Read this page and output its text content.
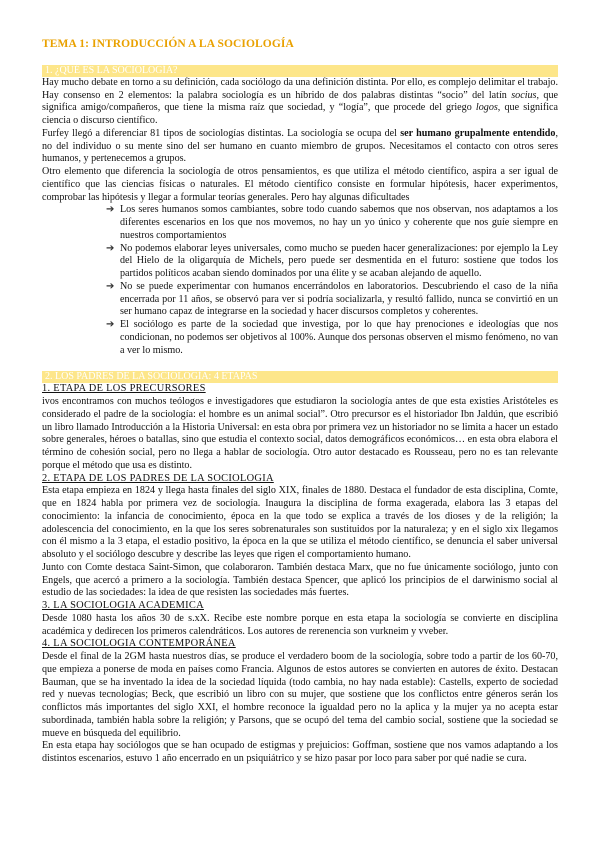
TEMA 1: INTRODUCCIÓN A LA SOCIOLOGÍA
1. ¿QUÉ ES LA SOCIOLOGÍA?

Hay mucho debate en torno a su definición, cada sociólogo da una definición distinta. Por ello, es complejo delimitar el trabajo. Hay consenso en 2 elementos: la palabra sociología es un híbrido de dos palabras distintas “socio” del latín socius, que significa amigo/compañeros, que tiene la misma raíz que sociedad, y “logía”, que procede del griego logos, que significa ciencia o discurso científico.

Furfey llegó a diferenciar 81 tipos de sociologías distintas. La sociología se ocupa del ser humano grupalmente entendido, no del individuo o su mente sino del ser humano en cuanto miembro de grupos. Necesitamos el contacto con otros seres humanos, y pertenecemos a grupos.

Otro elemento que diferencia la sociología de otros pensamientos, es que utiliza el método científico, aspira a ser igual de científico que las ciencias físicas o naturales. El método científico consiste en formular hipótesis, hacer experimentos, comprobar las hipótesis y llegar a formular teorías generales. Pero hay algunas dificultades

➔ Los seres humanos somos cambiantes, sobre todo cuando sabemos que nos observan, nos adaptamos a los diferentes escenarios en los que nos movemos, no hay un yo único y coherente que nos guíe siempre en nuestros comportamientos
➔ No podemos elaborar leyes universales, como mucho se pueden hacer generalizaciones: por ejemplo la Ley del Hielo de la oligarquía de Michels, pero puede ser desmentida en el futuro: sostiene que todos los partidos políticos acaban siendo dominados por una élite y se acaban alejando de aquello.
➔ No se puede experimentar con humanos encerrándolos en laboratorios. Descubriendo el caso de la niña encerrada por 11 años, se observó para ver si podría socializarla, y resultó fallido, nunca se convirtió en un ser humano capaz de integrarse en la sociedad y hacer discursos completos y coherentes.
➔ El sociólogo es parte de la sociedad que investiga, por lo que hay prenociones e ideologías que nos condicionan, no podemos ser objetivos al 100%. Aunque dos personas observen el mismo fenómeno, no van a ver lo mismo.
2. LOS PADRES DE LA SOCIOLOGÍA: 4 ETAPAS
1. ETAPA DE LOS PRECURSORES

ivos encontramos con muchos teólogos e investigadores que estudiaron la sociología antes de que esta existies Aristóteles es considerado el padre de la sociología: el hombre es un animal social”. Otro precursor es el historiador Ibn Jaldún, que escribió un libro llamado Introducción a la Historia Universal: en esta obra por primera vez un historiador no se limita a hacer un estado sobre generales, héroes o batallas, sino que estudia el contexto social, datos demográficos económicos… en esta obra elabora el término de cohesión social, pero no llega a hablar de sociología. Otro autor destacado es Rousseau, pero no es tan relevante porque el método que usa es distinto.

2. ETAPA DE LOS PADRES DE LA SOCIOLOGIA

Esta etapa empieza en 1824 y llega hasta finales del siglo XIX, finales de 1880. Destaca el fundador de esta disciplina, Comte, que en 1824 habla por primera vez de sociología. Inaugura la disciplina de forma exagerada, elabora las 3 etapas del conocimiento: la infancia de conocimiento, época en la que todo se explica a través de los dioses y de la religión; la adolescencia del conocimiento, en la que los seres sobrenaturales son sustituidos por la naturaleza; y en el siglo xix llegamos con él mismo a la 3 etapa, el estadio positivo, la época en la que se utiliza el método científico, se denuncia el saber universal absoluto y el sociólogo descubre y describe las leyes que rigen el comportamiento humano.

Junto con Comte destaca Saint-Simon, que colaboraron. También destaca Marx, que no fue únicamente sociólogo, junto con Engels, que acercó a primero a la sociología. También destaca Spencer, que aplicó los principios de el darwinismo social al estudio de las sociedades: la idea de que resisten las sociedades más fuertes.

3. LA SOCIOLOGIA ACADEMICA

Desde 1080 hasta los años 30 de s.xX. Recibe este nombre porque en esta etapa la sociología se convierte en disciplina académica y dedirecen los primeros calendráticos. Los autores de rerenencia son vurkneim y vveber.

4. LA SOCIOLOGIA CONTEMPORÁNEA

Desde el final de la 2GM hasta nuestros días, se produce el verdadero boom de la sociología, sobre todo a partir de los 60-70, que empieza a ponerse de moda en países como Francia. Algunos de estos autores se convierten en autores de éxito. Destacan Bauman, que se ha inventado la idea de la sociedad líquida (todo cambia, no hay nada estable): Castells, experto de sociedad red y nuevas tecnologías; Beck, que escribió un libro con su mujer, que sostiene que los conflictos entre géneros serán los conflictos más importantes del siglo XXI, el hombre reconoce la igualdad pero no la aplica y la mujer ya no acepta estar subordinada, también habla sobre la religión; y Parsons, que se ocupó del tema del cambio social, sostiene que la sociedad se mueve en búsqueda del equilibrio.

En esta etapa hay sociólogos que se han ocupado de estigmas y prejuicios: Goffman, sostiene que nos vamos adaptando a los distintos escenarios, estuvo 1 año encerrado en un psiquiátrico y se hizo pasar por loco para saber por qué nadie se cura.
